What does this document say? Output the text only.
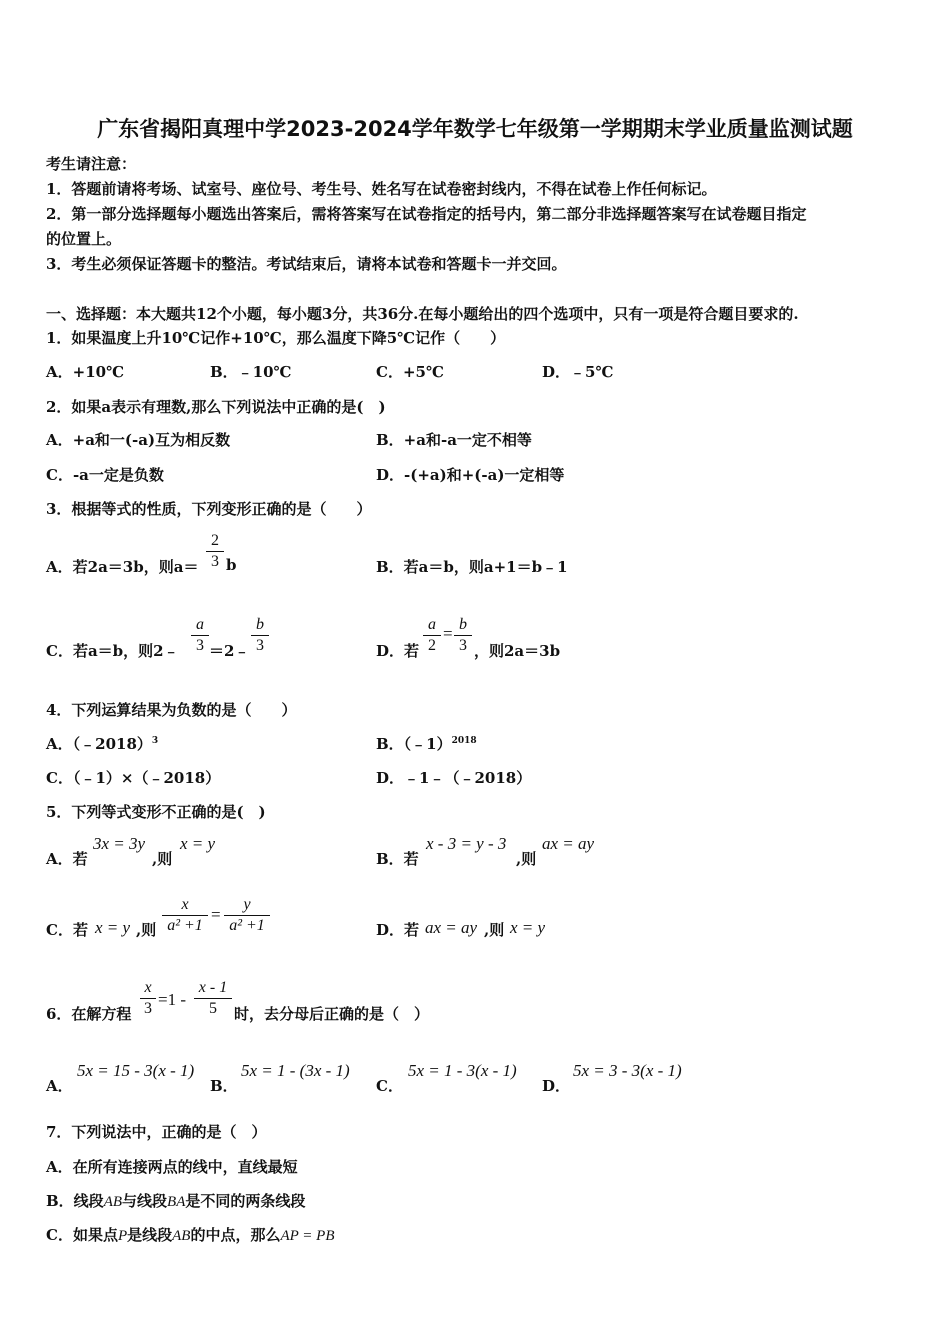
广东省揭阳真理中学2023-2024学年数学七年级第一学期期末学业质量监测试题
考生请注意：
1．答题前请将考场、试室号、座位号、考生号、姓名写在试卷密封线内，不得在试卷上作任何标记。
2．第一部分选择题每小题选出答案后，需将答案写在试卷指定的括号内，第二部分非选择题答案写在试卷题目指定
的位置上。
3．考生必须保证答题卡的整洁。考试结束后，请将本试卷和答题卡一并交回。
一、选择题：本大题共12个小题，每小题3分，共36分.在每小题给出的四个选项中，只有一项是符合题目要求的.
1．如果温度上升10℃记作+10℃，那么温度下降5℃记作（　　）
A．+10℃	B．﹣10℃	C．+5℃	D．﹣5℃
2．如果a表示有理数,那么下列说法中正确的是(　)
A．+a和一(-a)互为相反数	B．+a和-a一定不相等
C．-a一定是负数	D．-(+a)和+(-a)一定相等
3．根据等式的性质，下列变形正确的是（　　）
A．若2a＝3b，则a＝
2
3 b	B．若a＝b，则a+1＝b﹣1
C．若a＝b，则2﹣
a
3 ＝2﹣
b
3	D．若
a
2
= b
3 ，则2a＝3b
4．下列运算结果为负数的是（　　）
A．（﹣2018）$^3$	B．（﹣1）$^{2018}$
C．（﹣1）×（﹣2018）	D．﹣1﹣（﹣2018）
5．下列等式变形不正确的是(　)
A．若
3x = 3y
,则
x = y
B．若
x - 3 = y - 3
,则
ax = ay
C．若 x = y ,则
x
a² +1
=
y
a² +1	D．若 ax = ay ,则 x = y
6．在解方程
x
3 =1 -
x - 1
5	时，去分母后正确的是（　）
A．
5x = 15 - 3(x - 1)
B．
5x = 1 - (3x - 1)
C．
5x = 1 - 3(x - 1)
D．
5x = 3 - 3(x - 1)
7．下列说法中，正确的是（　）
A．在所有连接两点的线中，直线最短
B．线段AB与线段BA是不同的两条线段
C．如果点P是线段AB的中点，那么AP = PB
